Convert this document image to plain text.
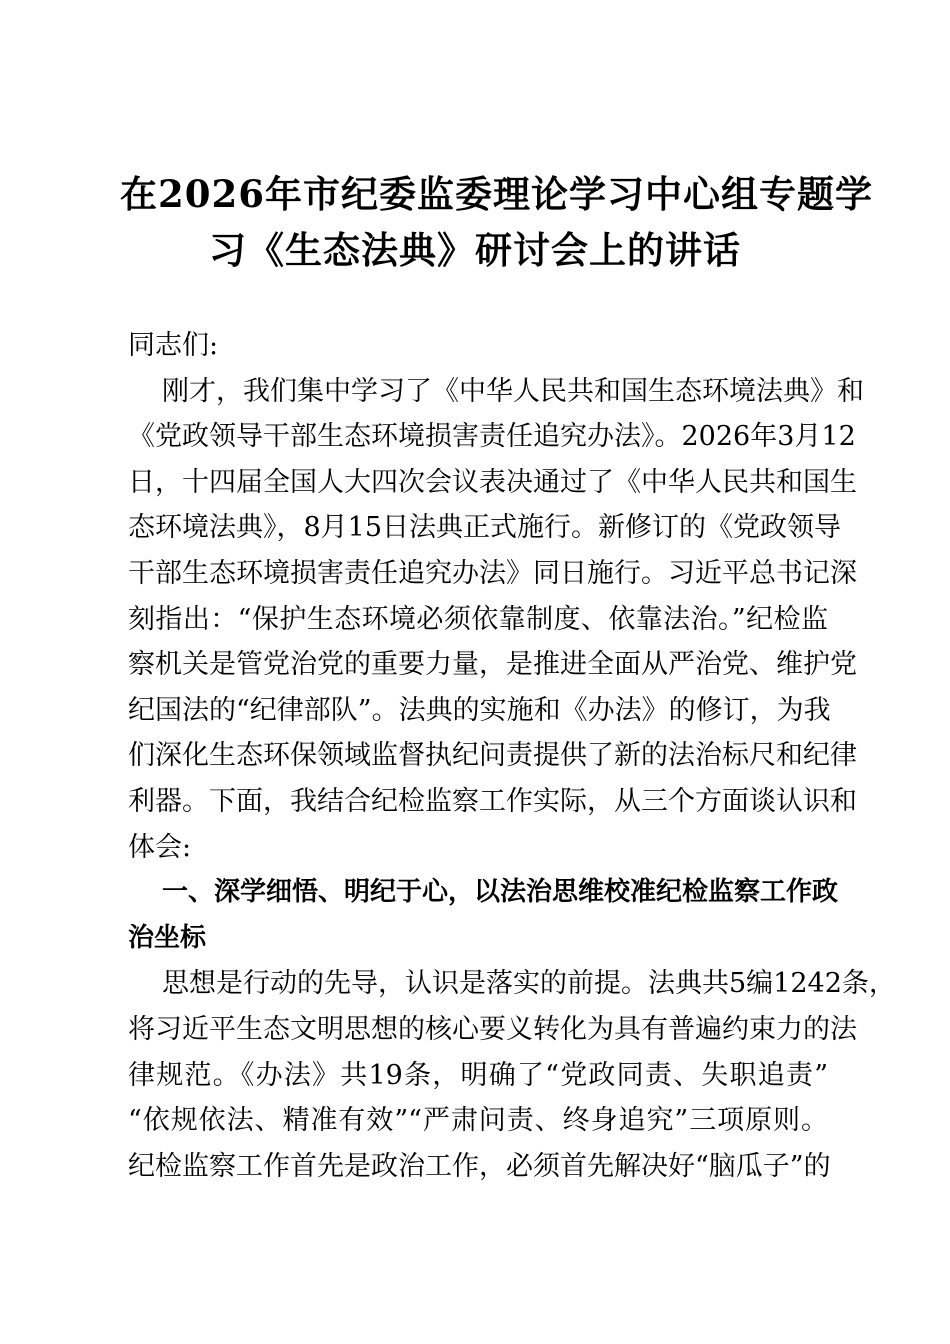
在2026年市纪委监委理论学习中心组专题学
习《生态法典》研讨会上的讲话
同志们:
刚才，我们集中学习了《中华人民共和国生态环境法典》和
《党政领导干部生态环境损害责任追究办法》。2026年3月12
日，十四届全国人大四次会议表决通过了《中华人民共和国生
态环境法典》，8月15日法典正式施行。新修订的《党政领导
干部生态环境损害责任追究办法》同日施行。习近平总书记深
刻指出：“保护生态环境必须依靠制度、依靠法治。”纪检监
察机关是管党治党的重要力量，是推进全面从严治党、维护党
纪国法的“纪律部队”。法典的实施和《办法》的修订，为我
们深化生态环保领域监督执纪问责提供了新的法治标尺和纪律
利器。下面，我结合纪检监察工作实际，从三个方面谈认识和
体会:
一、深学细悟、明纪于心，以法治思维校准纪检监察工作政
治坐标
思想是行动的先导，认识是落实的前提。法典共5编1242条，
将习近平生态文明思想的核心要义转化为具有普遍约束力的法
律规范。《办法》共19条，明确了“党政同责、失职追责”
“依规依法、精准有效”“严肃问责、终身追究”三项原则。
纪检监察工作首先是政治工作，必须首先解决好“脑瓜子”的
